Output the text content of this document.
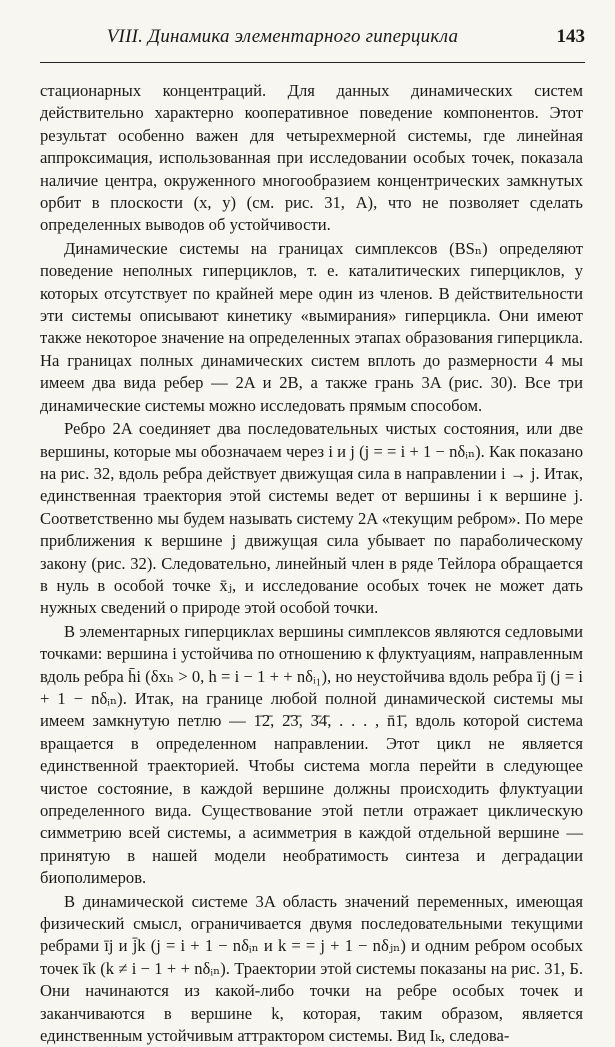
VIII. Динамика элементарного гиперцикла	143

стационарных концентраций. Для данных динамических систем действительно характерно кооперативное поведение компонентов. Этот результат особенно важен для четырехмерной системы, где линейная аппроксимация, использованная при исследовании особых точек, показала наличие центра, окруженного многообразием концентрических замкнутых орбит в плоскости (x, y) (см. рис. 31, A), что не позволяет сделать определенных выводов об устойчивости.

Динамические системы на границах симплексов (BSₙ) определяют поведение неполных гиперциклов, т. е. каталитических гиперциклов, у которых отсутствует по крайней мере один из членов. В действительности эти системы описывают кинетику «вымирания» гиперцикла. Они имеют также некоторое значение на определенных этапах образования гиперцикла. На границах полных динамических систем вплоть до размерности 4 мы имеем два вида ребер — 2A и 2B, а также грань 3A (рис. 30). Все три динамические системы можно исследовать прямым способом.

Ребро 2A соединяет два последовательных чистых состояния, или две вершины, которые мы обозначаем через i и j (j = = i + 1 − nδᵢₙ). Как показано на рис. 32, вдоль ребра действует движущая сила в направлении i → j. Итак, единственная траектория этой системы ведет от вершины i к вершине j. Соответственно мы будем называть систему 2A «текущим ребром». По мере приближения к вершине j движущая сила убывает по параболическому закону (рис. 32). Следовательно, линейный член в ряде Тейлора обращается в нуль в особой точке x̄ⱼ, и исследование особых точек не может дать нужных сведений о природе этой особой точки.

В элементарных гиперциклах вершины симплексов являются седловыми точками: вершина i устойчива по отношению к флуктуациям, направленным вдоль ребра h̄i (δxₕ > 0, h = i − 1 + + nδᵢ₁), но неустойчива вдоль ребра īj (j = i + 1 − nδᵢₙ). Итак, на границе любой полной динамической системы мы имеем замкнутую петлю — 1̄2̄, 2̄3̄, 3̄4̄, . . . , n̄1̄, вдоль которой система вращается в определенном направлении. Этот цикл не является единственной траекторией. Чтобы система могла перейти в следующее чистое состояние, в каждой вершине должны происходить флуктуации определенного вида. Существование этой петли отражает циклическую симметрию всей системы, а асимметрия в каждой отдельной вершине — принятую в нашей модели необратимость синтеза и деградации биополимеров.

В динамической системе 3A область значений переменных, имеющая физический смысл, ограничивается двумя последовательными текущими ребрами īj и j̄k (j = i + 1 − nδᵢₙ и k = = j + 1 − nδⱼₙ) и одним ребром особых точек īk (k ≠ i − 1 + + nδᵢₙ). Траектории этой системы показаны на рис. 31, Б. Они начинаются из какой-либо точки на ребре особых точек и заканчиваются в вершине k, которая, таким образом, является единственным устойчивым аттрактором системы. Вид Iₖ, следова-
